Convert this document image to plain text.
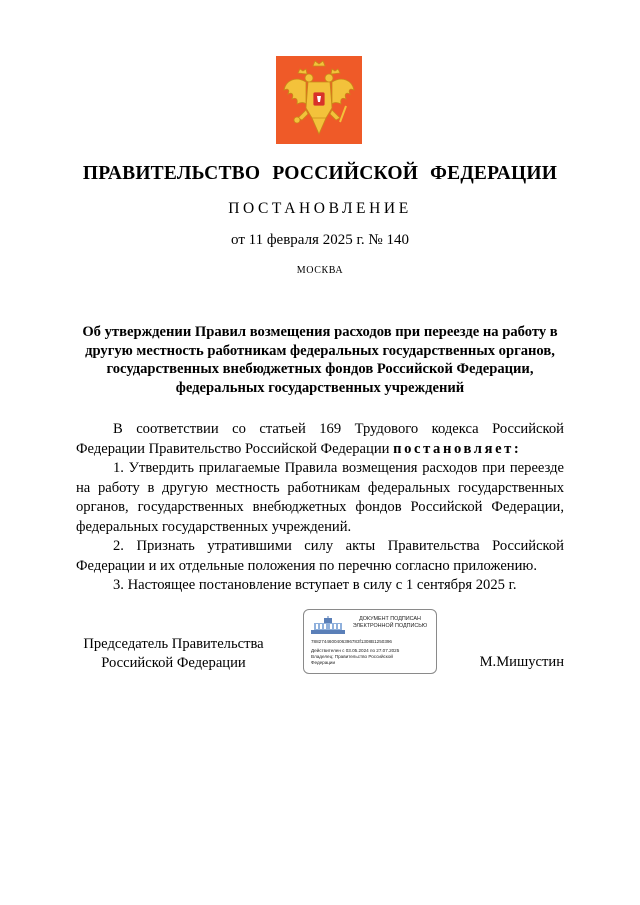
ПРАВИТЕЛЬСТВО РОССИЙСКОЙ ФЕДЕРАЦИИ
ПОСТАНОВЛЕНИЕ
от 11 февраля 2025 г. № 140
МОСКВА
Об утверждении Правил возмещения расходов при переезде на работу в другую местность работникам федеральных государственных органов, государственных внебюджетных фондов Российской Федерации, федеральных государственных учреждений

В соответствии со статьей 169 Трудового кодекса Российской Федерации Правительство Российской Федерации постановляет:

1. Утвердить прилагаемые Правила возмещения расходов при переезде на работу в другую местность работникам федеральных государственных органов, государственных внебюджетных фондов Российской Федерации, федеральных государственных учреждений.

2. Признать утратившими силу акты Правительства Российской Федерации и их отдельные положения по перечню согласно приложению.

3. Настоящее постановление вступает в силу с 1 сентября 2025 г.

Председатель Правительства
Российской Федерации	М.Мишустин
ДОКУМЕНТ ПОДПИСАН
ЭЛЕКТРОННОЙ ПОДПИСЬЮ
7882744600406396783f1308B1250396
Действителен с 03.05.2024 по 27.07.2025
Владелец: Правительство Российской
Федерации
